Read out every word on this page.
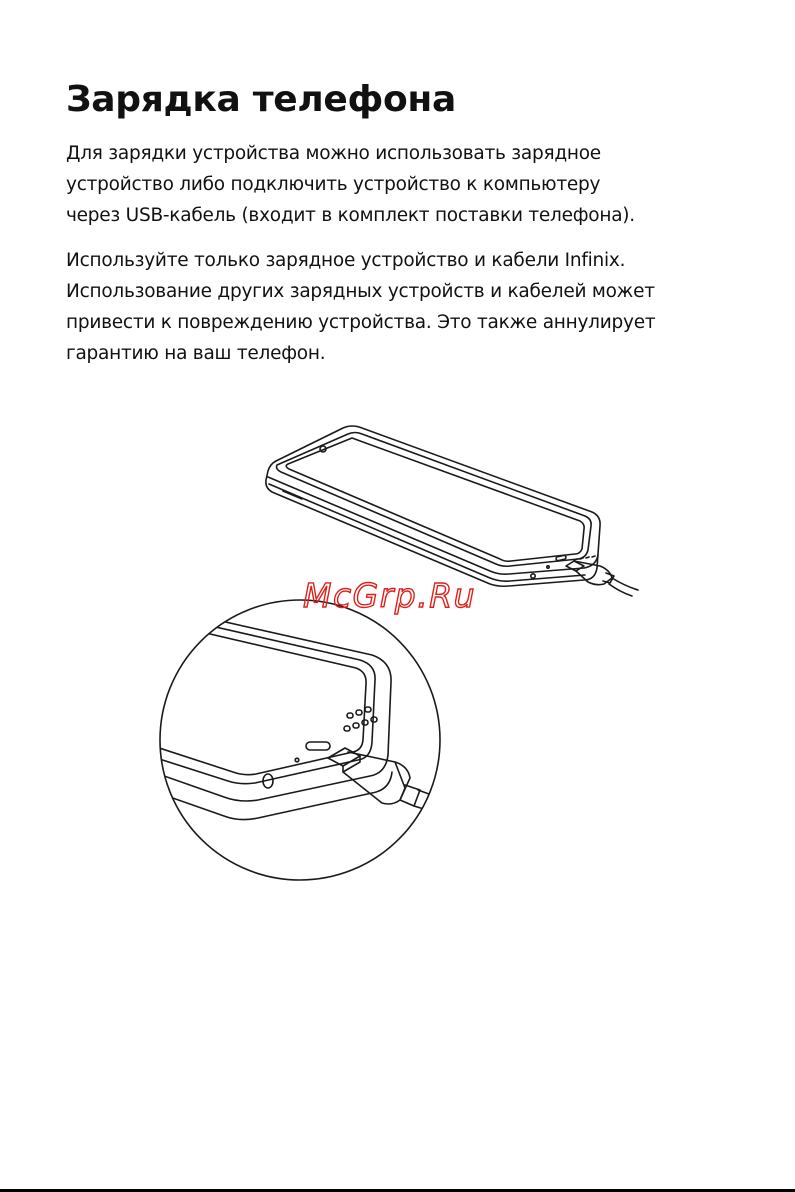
Зарядка телефона

Для зарядки устройства можно использовать зарядное
устройство либо подключить устройство к компьютеру
через USB-кабель (входит в комплект поставки телефона).

Используйте только зарядное устройство и кабели Infinix.
Использование других зарядных устройств и кабелей может
привести к повреждению устройства. Это также аннулирует
гарантию на ваш телефон.

McGrp.Ru
